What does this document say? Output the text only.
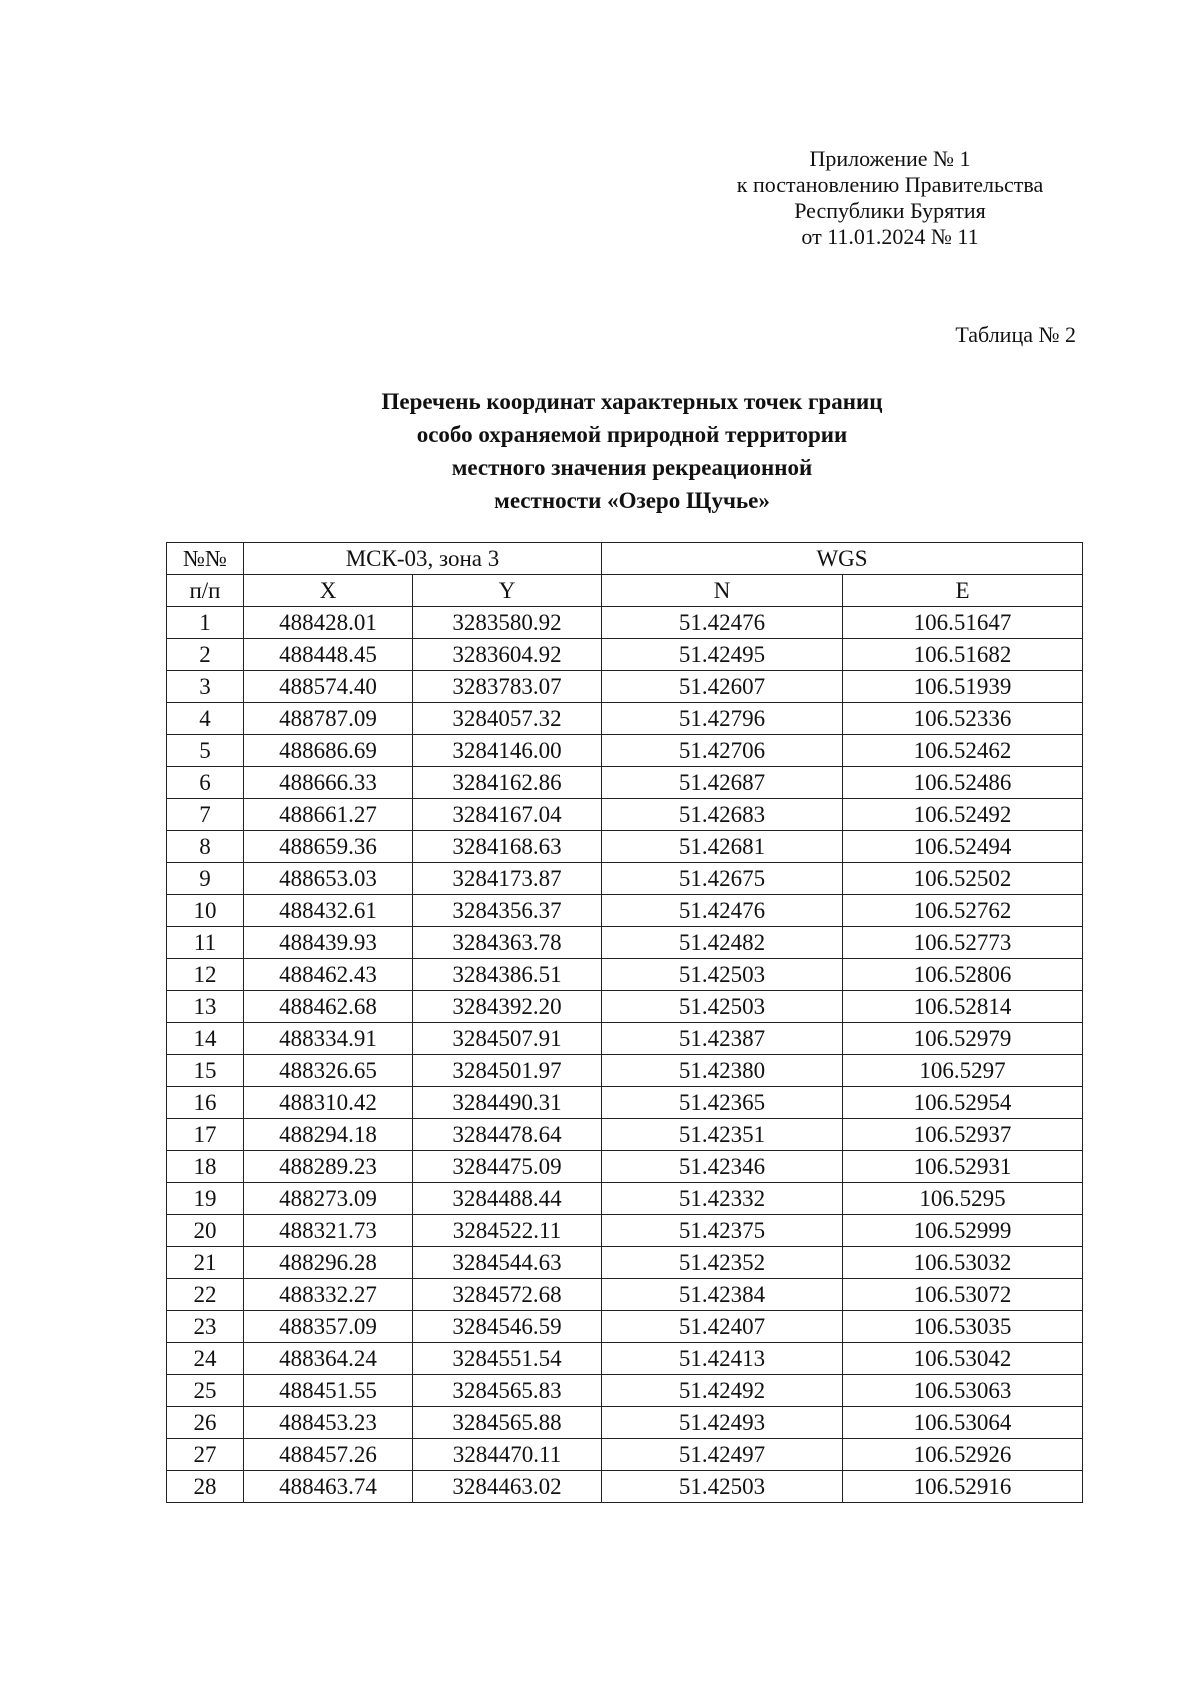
Приложение № 1
к постановлению Правительства
Республики Бурятия
от 11.01.2024 № 11
Таблица № 2
Перечень координат характерных точек границ
особо охраняемой природной территории
местного значения рекреационной
местности «Озеро Щучье»
№№	МСК-03, зона 3		WGS	
п/п	X	Y	N	E
1	488428.01	3283580.92	51.42476	106.51647
2	488448.45	3283604.92	51.42495	106.51682
3	488574.40	3283783.07	51.42607	106.51939
4	488787.09	3284057.32	51.42796	106.52336
5	488686.69	3284146.00	51.42706	106.52462
6	488666.33	3284162.86	51.42687	106.52486
7	488661.27	3284167.04	51.42683	106.52492
8	488659.36	3284168.63	51.42681	106.52494
9	488653.03	3284173.87	51.42675	106.52502
10	488432.61	3284356.37	51.42476	106.52762
11	488439.93	3284363.78	51.42482	106.52773
12	488462.43	3284386.51	51.42503	106.52806
13	488462.68	3284392.20	51.42503	106.52814
14	488334.91	3284507.91	51.42387	106.52979
15	488326.65	3284501.97	51.42380	106.5297
16	488310.42	3284490.31	51.42365	106.52954
17	488294.18	3284478.64	51.42351	106.52937
18	488289.23	3284475.09	51.42346	106.52931
19	488273.09	3284488.44	51.42332	106.5295
20	488321.73	3284522.11	51.42375	106.52999
21	488296.28	3284544.63	51.42352	106.53032
22	488332.27	3284572.68	51.42384	106.53072
23	488357.09	3284546.59	51.42407	106.53035
24	488364.24	3284551.54	51.42413	106.53042
25	488451.55	3284565.83	51.42492	106.53063
26	488453.23	3284565.88	51.42493	106.53064
27	488457.26	3284470.11	51.42497	106.52926
28	488463.74	3284463.02	51.42503	106.52916
